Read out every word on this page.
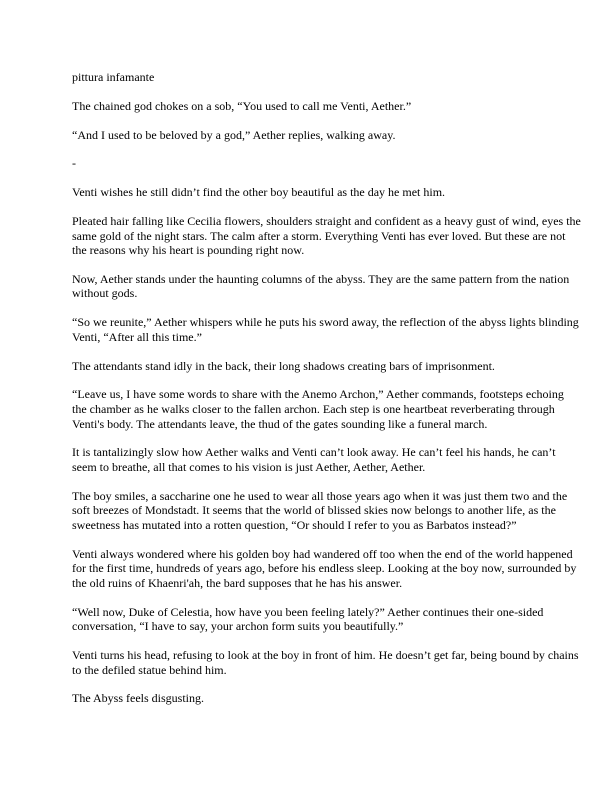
pittura infamante

The chained god chokes on a sob, “You used to call me Venti, Aether.”

“And I used to be beloved by a god,” Aether replies, walking away.

-

Venti wishes he still didn’t find the other boy beautiful as the day he met him.

Pleated hair falling like Cecilia flowers, shoulders straight and confident as a heavy gust of wind, eyes the
same gold of the night stars. The calm after a storm. Everything Venti has ever loved. But these are not
the reasons why his heart is pounding right now.

Now, Aether stands under the haunting columns of the abyss. They are the same pattern from the nation
without gods.

“So we reunite,” Aether whispers while he puts his sword away, the reflection of the abyss lights blinding
Venti, “After all this time.”

The attendants stand idly in the back, their long shadows creating bars of imprisonment.

“Leave us, I have some words to share with the Anemo Archon,” Aether commands, footsteps echoing
the chamber as he walks closer to the fallen archon. Each step is one heartbeat reverberating through
Venti's body. The attendants leave, the thud of the gates sounding like a funeral march.

It is tantalizingly slow how Aether walks and Venti can’t look away. He can’t feel his hands, he can’t
seem to breathe, all that comes to his vision is just Aether, Aether, Aether.

The boy smiles, a saccharine one he used to wear all those years ago when it was just them two and the
soft breezes of Mondstadt. It seems that the world of blissed skies now belongs to another life, as the
sweetness has mutated into a rotten question, “Or should I refer to you as Barbatos instead?”

Venti always wondered where his golden boy had wandered off too when the end of the world happened
for the first time, hundreds of years ago, before his endless sleep. Looking at the boy now, surrounded by
the old ruins of Khaenri'ah, the bard supposes that he has his answer.

“Well now, Duke of Celestia, how have you been feeling lately?” Aether continues their one-sided
conversation, “I have to say, your archon form suits you beautifully.”

Venti turns his head, refusing to look at the boy in front of him. He doesn’t get far, being bound by chains
to the defiled statue behind him.

The Abyss feels disgusting.
